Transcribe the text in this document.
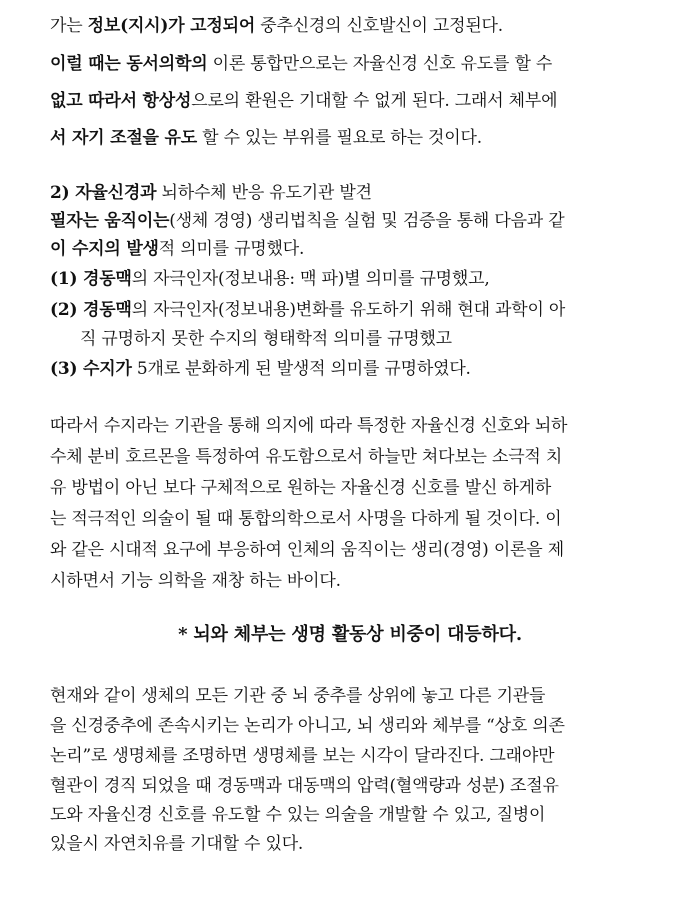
가는 정보(지시)가 고정되어 중추신경의 신호발신이 고정된다.
이럴 때는 동서의학의 이론 통합만으로는 자율신경 신호 유도를 할 수
없고 따라서 항상성으로의 환원은 기대할 수 없게 된다. 그래서 체부에
서 자기 조절을 유도 할 수 있는 부위를 필요로 하는 것이다.
2) 자율신경과 뇌하수체 반응 유도기관 발견
필자는 움직이는(생체 경영) 생리법칙을 실험 및 검증을 통해 다음과 같
이 수지의 발생적 의미를 규명했다.
(1) 경동맥의 자극인자(정보내용: 맥 파)별 의미를 규명했고,
(2) 경동맥의 자극인자(정보내용)변화를 유도하기 위해 현대 과학이 아
직 규명하지 못한 수지의 형태학적 의미를 규명했고
(3) 수지가 5개로 분화하게 된 발생적 의미를 규명하였다.
따라서 수지라는 기관을 통해 의지에 따라 특정한 자율신경 신호와 뇌하
수체 분비 호르몬을 특정하여 유도함으로서 하늘만 쳐다보는 소극적 치
유 방법이 아닌 보다 구체적으로 원하는 자율신경 신호를 발신 하게하
는 적극적인 의술이 될 때 통합의학으로서 사명을 다하게 될 것이다. 이
와 같은 시대적 요구에 부응하여 인체의 움직이는 생리(경영) 이론을 제
시하면서 기능 의학을 재창 하는 바이다.
* 뇌와 체부는 생명 활동상 비중이 대등하다.
현재와 같이 생체의 모든 기관 중 뇌 중추를 상위에 놓고 다른 기관들
을 신경중추에 존속시키는 논리가 아니고, 뇌 생리와 체부를 “상호 의존
논리”로 생명체를 조명하면 생명체를 보는 시각이 달라진다. 그래야만
혈관이 경직 되었을 때 경동맥과 대동맥의 압력(혈액량과 성분) 조절유
도와 자율신경 신호를 유도할 수 있는 의술을 개발할 수 있고, 질병이
있을시 자연치유를 기대할 수 있다.
